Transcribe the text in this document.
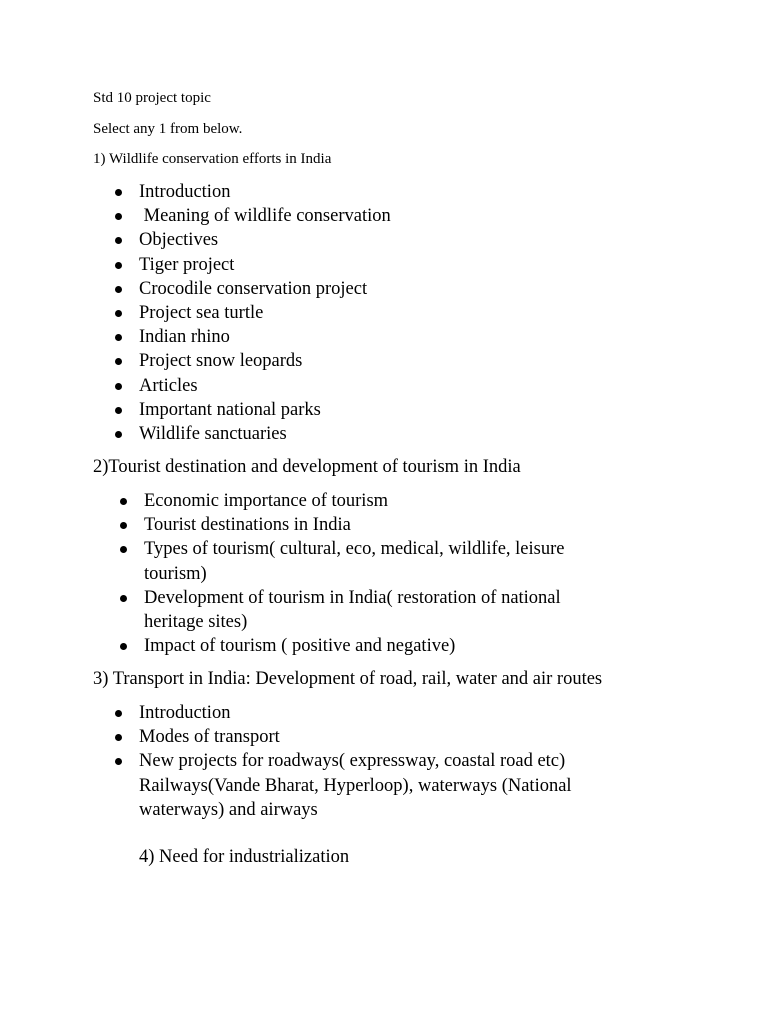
Std 10 project topic
Select any 1 from below.
1) Wildlife conservation efforts in India
Introduction
Meaning of wildlife conservation
Objectives
Tiger project
Crocodile conservation project
Project sea turtle
Indian rhino
Project snow leopards
Articles
Important national parks
Wildlife sanctuaries
2)Tourist destination and development of tourism in India
Economic importance of tourism
Tourist destinations in India
Types of tourism( cultural, eco, medical, wildlife, leisure tourism)
Development of tourism in India( restoration of national heritage sites)
Impact of tourism ( positive and negative)
3) Transport in India: Development of road, rail, water and air routes
Introduction
Modes of transport
New projects for roadways( expressway, coastal road etc) Railways(Vande Bharat, Hyperloop), waterways (National waterways) and airways
4) Need for industrialization
